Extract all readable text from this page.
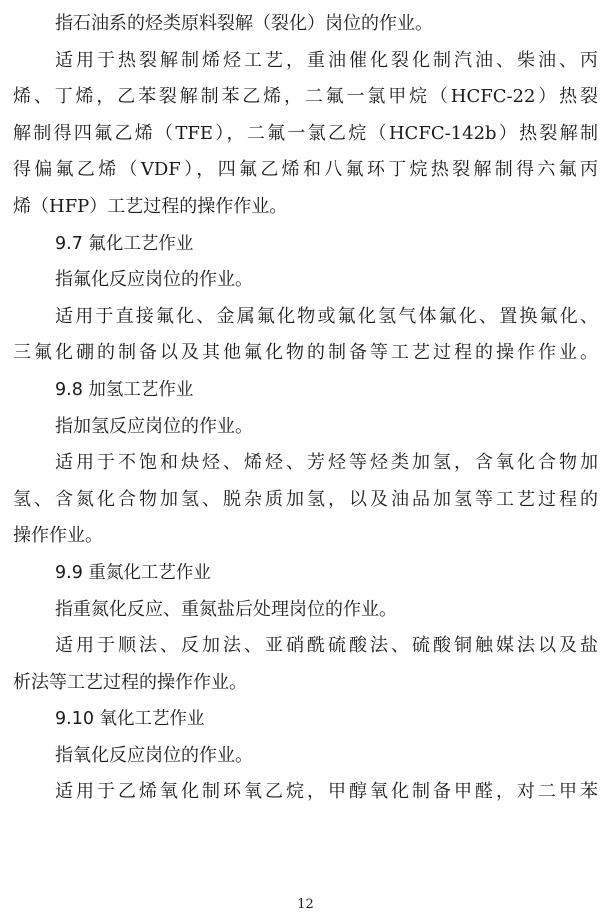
指石油系的烃类原料裂解（裂化）岗位的作业。
适用于热裂解制烯烃工艺，重油催化裂化制汽油、柴油、丙
烯、丁烯，乙苯裂解制苯乙烯，二氟一氯甲烷（HCFC-22）热裂
解制得四氟乙烯（TFE），二氟一氯乙烷（HCFC-142b）热裂解制
得偏氟乙烯（VDF），四氟乙烯和八氟环丁烷热裂解制得六氟丙
烯（HFP）工艺过程的操作作业。
9.7 氟化工艺作业
指氟化反应岗位的作业。
适用于直接氟化、金属氟化物或氟化氢气体氟化、置换氟化、
三氟化硼的制备以及其他氟化物的制备等工艺过程的操作作业。
9.8 加氢工艺作业
指加氢反应岗位的作业。
适用于不饱和炔烃、烯烃、芳烃等烃类加氢，含氧化合物加
氢、含氮化合物加氢、脱杂质加氢，以及油品加氢等工艺过程的
操作作业。
9.9 重氮化工艺作业
指重氮化反应、重氮盐后处理岗位的作业。
适用于顺法、反加法、亚硝酰硫酸法、硫酸铜触媒法以及盐
析法等工艺过程的操作作业。
9.10 氧化工艺作业
指氧化反应岗位的作业。
适用于乙烯氧化制环氧乙烷，甲醇氧化制备甲醛，对二甲苯
12
